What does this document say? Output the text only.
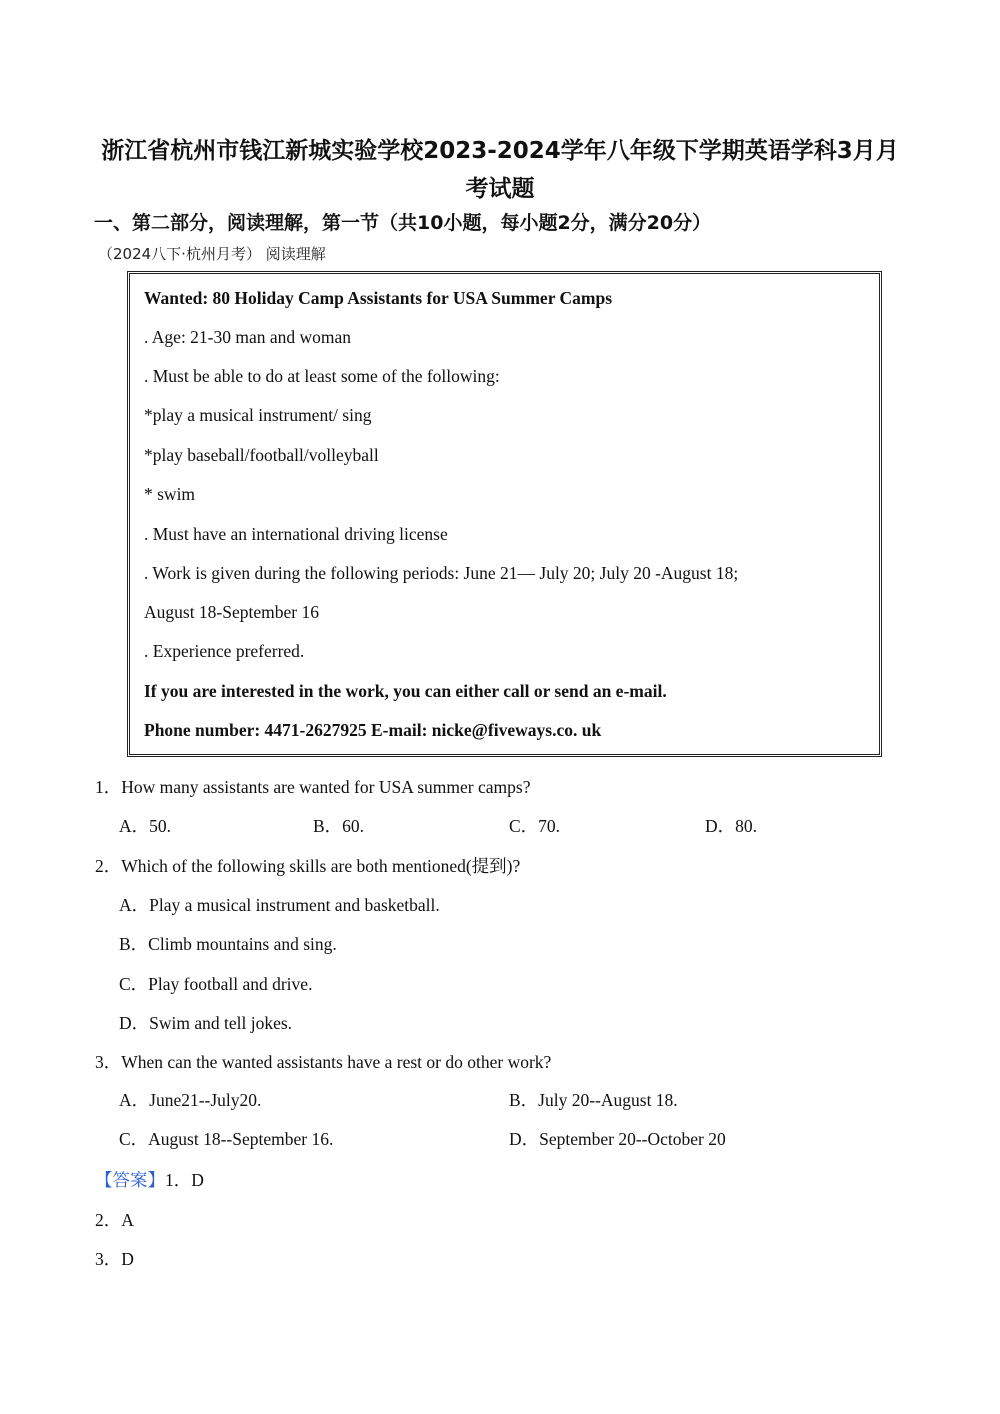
浙江省杭州市钱江新城实验学校2023-2024学年八年级下学期英语学科3月月
考试题
一、第二部分，阅读理解，第一节（共10小题，每小题2分，满分20分）
（2024八下·杭州月考） 阅读理解
Wanted: 80 Holiday Camp Assistants for USA Summer Camps
. Age: 21-30 man and woman
. Must be able to do at least some of the following:
*play a musical instrument/ sing
*play baseball/football/volleyball
* swim
. Must have an international driving license
. Work is given during the following periods: June 21— July 20; July 20 -August 18;
August 18-September 16
. Experience preferred.
If you are interested in the work, you can either call or send an e-mail.
Phone number: 4471-2627925 E-mail: nicke@fiveways.co. uk
1．How many assistants are wanted for USA summer camps?
A．50.	B．60.	C．70.	D．80.
2．Which of the following skills are both mentioned(提到)?
A．Play a musical instrument and basketball.
B．Climb mountains and sing.
C．Play football and drive.
D．Swim and tell jokes.
3．When can the wanted assistants have a rest or do other work?
A．June21--July20.	B．July 20--August 18.
C．August 18--September 16.	D．September 20--October 20
【答案】1．D
2．A
3．D
